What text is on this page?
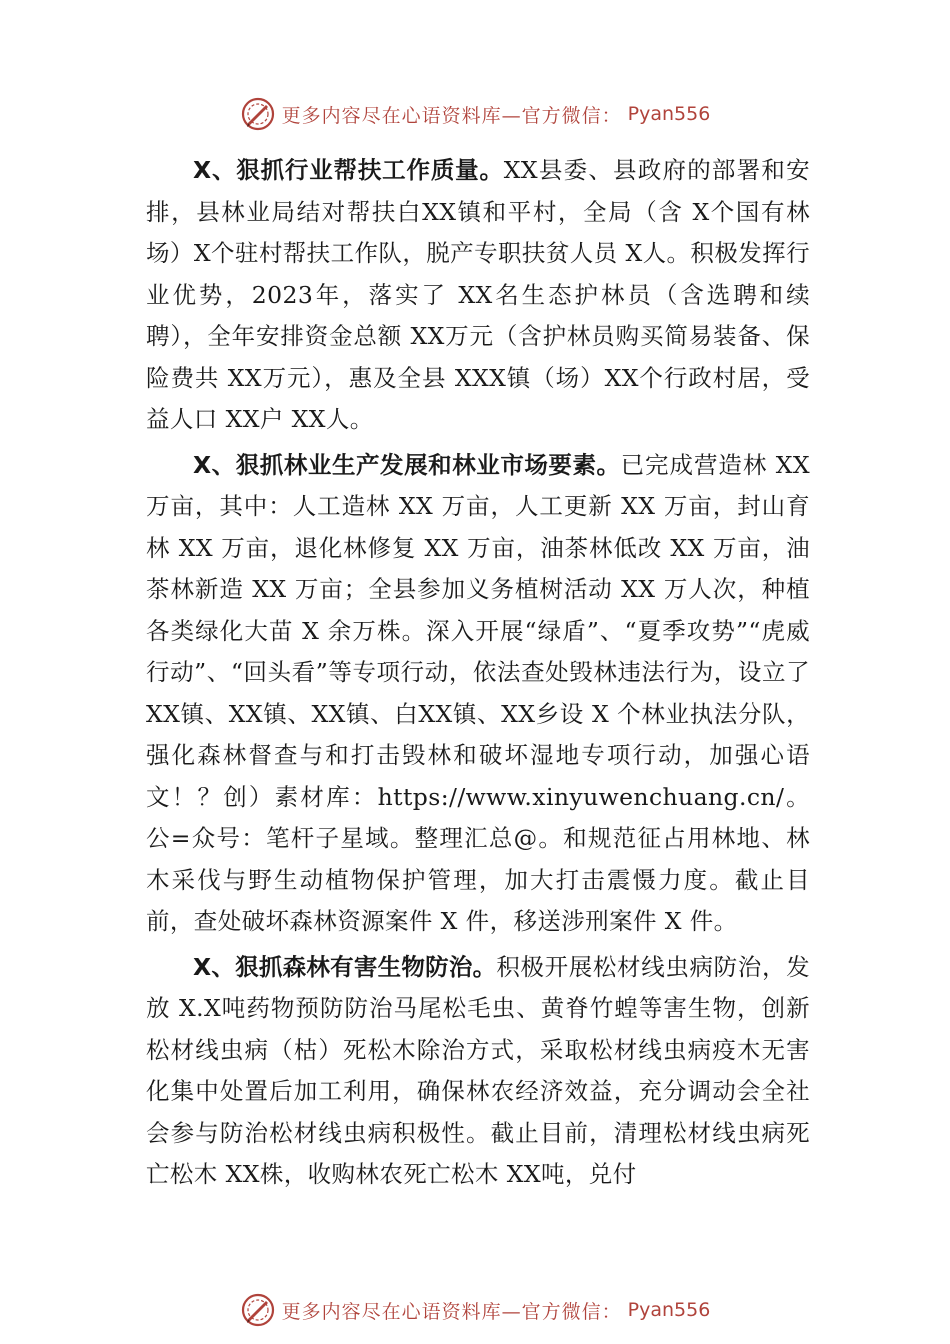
更多内容尽在心语资料库—官方微信： Pyan556

X、狠抓行业帮扶工作质量。XX县委、县政府的部署和安排，县林业局结对帮扶白XX镇和平村，全局（含 X个国有林场）X个驻村帮扶工作队，脱产专职扶贫人员 X人。积极发挥行业优势，2023年，落实了 XX名生态护林员（含选聘和续聘），全年安排资金总额 XX万元（含护林员购买简易装备、保险费共 XX万元），惠及全县 XXX镇（场）XX个行政村居，受益人口 XX户 XX人。

X、狠抓林业生产发展和林业市场要素。已完成营造林 XX 万亩，其中：人工造林 XX 万亩，人工更新 XX 万亩，封山育林 XX 万亩，退化林修复 XX 万亩，油茶林低改 XX 万亩，油茶林新造 XX 万亩；全县参加义务植树活动 XX 万人次，种植各类绿化大苗 X 余万株。深入开展“绿盾”、“夏季攻势”“虎威行动”、“回头看”等专项行动，依法查处毁林违法行为，设立了XX镇、XX镇、XX镇、白XX镇、XX乡设 X 个林业执法分队，强化森林督查与和打击毁林和破坏湿地专项行动，加强心语文！？创）素材库：https://www.xinyuwenchuang.cn/。公=众号：笔杆子星域。整理汇总@。和规范征占用林地、林木采伐与野生动植物保护管理，加大打击震慑力度。截止目前，查处破坏森林资源案件 X 件，移送涉刑案件 X 件。

X、狠抓森林有害生物防治。积极开展松材线虫病防治，发放 X.X吨药物预防防治马尾松毛虫、黄脊竹蝗等害生物，创新松材线虫病（枯）死松木除治方式，采取松材线虫病疫木无害化集中处置后加工利用，确保林农经济效益，充分调动会全社会参与防治松材线虫病积极性。截止目前，清理松材线虫病死亡松木 XX株，收购林农死亡松木 XX吨，兑付

更多内容尽在心语资料库—官方微信： Pyan556
